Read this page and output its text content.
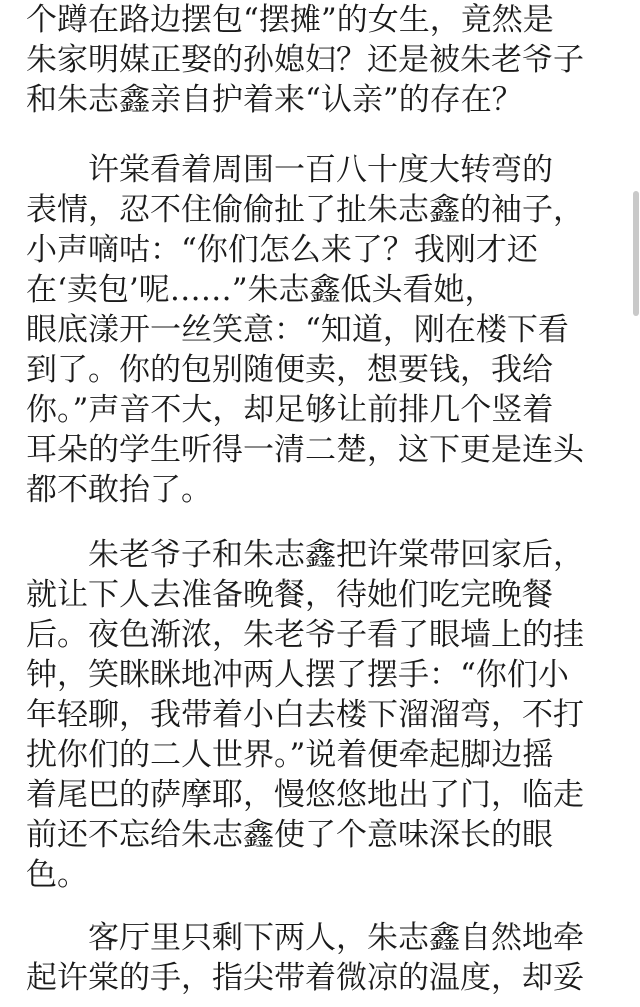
个蹲在路边摆包“摆摊”的女生，竟然是
朱家明媒正娶的孙媳妇？还是被朱老爷子
和朱志鑫亲自护着来“认亲”的存在？
　　许棠看着周围一百八十度大转弯的
表情，忍不住偷偷扯了扯朱志鑫的袖子，
小声嘀咕：“你们怎么来了？我刚才还
在‘卖包’呢……”朱志鑫低头看她，
眼底漾开一丝笑意：“知道，刚在楼下看
到了。你的包别随便卖，想要钱，我给
你。”声音不大，却足够让前排几个竖着
耳朵的学生听得一清二楚，这下更是连头
都不敢抬了。
　　朱老爷子和朱志鑫把许棠带回家后，
就让下人去准备晚餐，待她们吃完晚餐
后。夜色渐浓，朱老爷子看了眼墙上的挂
钟，笑眯眯地冲两人摆了摆手：“你们小
年轻聊，我带着小白去楼下溜溜弯，不打
扰你们的二人世界。”说着便牵起脚边摇
着尾巴的萨摩耶，慢悠悠地出了门，临走
前还不忘给朱志鑫使了个意味深长的眼
色。
　　客厅里只剩下两人，朱志鑫自然地牵
起许棠的手，指尖带着微凉的温度，却妥
